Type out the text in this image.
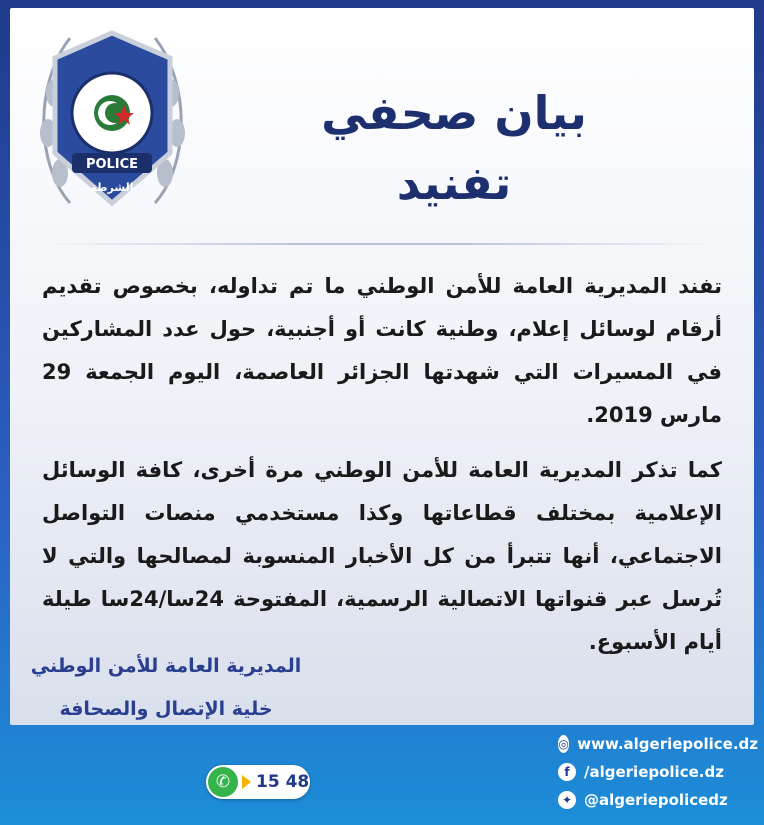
POLICE
الشرطة
بيان صحفي
تفنيد
تفند المديرية العامة للأمن الوطني ما تم تداوله، بخصوص تقديم أرقام لوسائل إعلام، وطنية كانت أو أجنبية، حول عدد المشاركين في المسيرات التي شهدتها الجزائر العاصمة، اليوم الجمعة 29 مارس 2019.
كما تذكر المديرية العامة للأمن الوطني مرة أخرى، كافة الوسائل الإعلامية بمختلف قطاعاتها وكذا مستخدمي منصات التواصل الاجتماعي، أنها تتبرأ من كل الأخبار المنسوبة لمصالحها والتي لا تُرسل عبر قنواتها الاتصالية الرسمية، المفتوحة 24سا/24سا طيلة أيام الأسبوع.
المديرية العامة للأمن الوطني
خلية الإتصال والصحافة
✆	15 48
◎ www.algeriepolice.dz
f /algeriepolice.dz
✦ @algeriepolicedz
